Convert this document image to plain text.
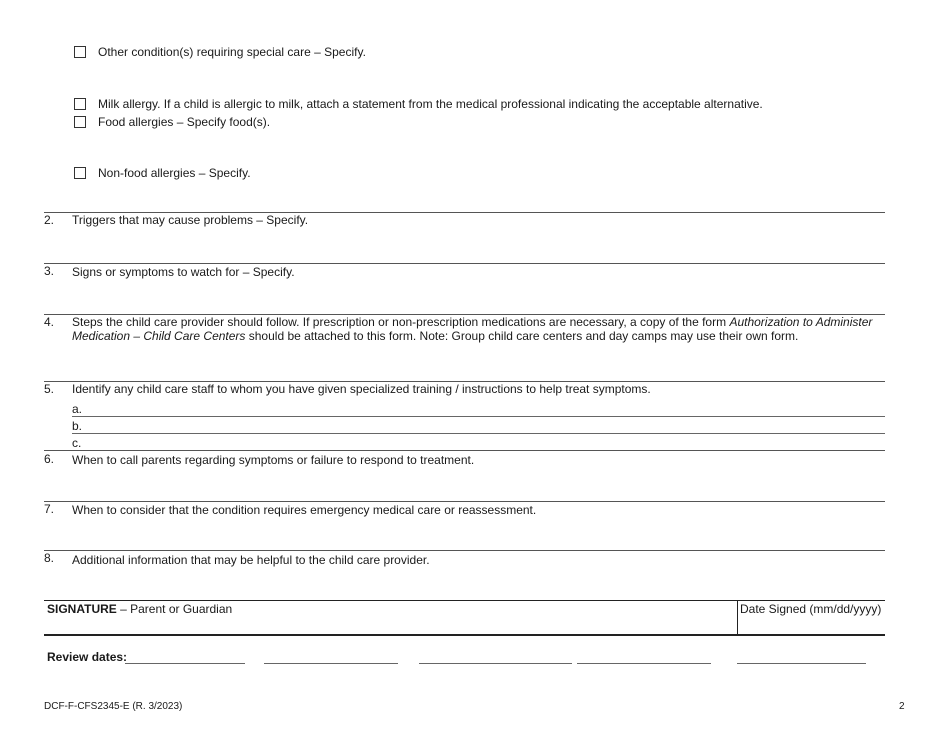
Other condition(s) requiring special care – Specify.
Milk allergy. If a child is allergic to milk, attach a statement from the medical professional indicating the acceptable alternative.
Food allergies – Specify food(s).
Non-food allergies – Specify.
2. Triggers that may cause problems – Specify.
3. Signs or symptoms to watch for – Specify.
4. Steps the child care provider should follow. If prescription or non-prescription medications are necessary, a copy of the form Authorization to Administer
Medication – Child Care Centers should be attached to this form. Note: Group child care centers and day camps may use their own form.
5. Identify any child care staff to whom you have given specialized training / instructions to help treat symptoms.
a.
b.
c.
6. When to call parents regarding symptoms or failure to respond to treatment.
7. When to consider that the condition requires emergency medical care or reassessment.
8. Additional information that may be helpful to the child care provider.
SIGNATURE – Parent or Guardian	Date Signed (mm/dd/yyyy)
Review dates:
DCF-F-CFS2345-E (R. 3/2023)	2
